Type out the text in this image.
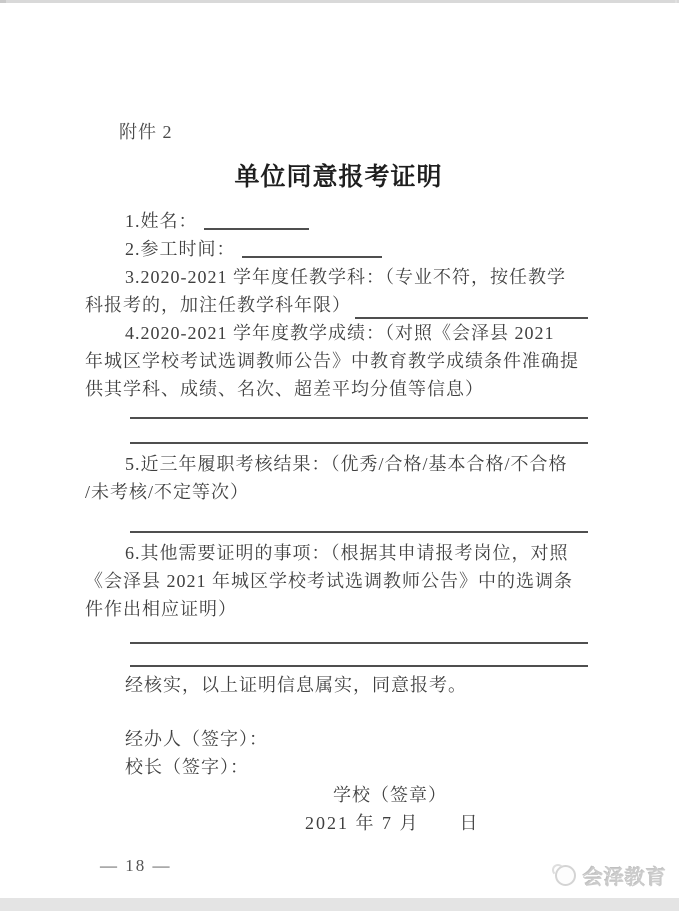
附件 2
单位同意报考证明
1.姓名：
2.参工时间：
3.2020-2021 学年度任教学科：（专业不符，按任教学
科报考的，加注任教学科年限）
4.2020-2021 学年度教学成绩：（对照《会泽县 2021
年城区学校考试选调教师公告》中教育教学成绩条件准确提
供其学科、成绩、名次、超差平均分值等信息）
5.近三年履职考核结果：（优秀/合格/基本合格/不合格
/未考核/不定等次）
6.其他需要证明的事项：（根据其申请报考岗位，对照
《会泽县 2021 年城区学校考试选调教师公告》中的选调条
件作出相应证明）
经核实，以上证明信息属实，同意报考。
经办人（签字）：
校长（签字）：
学校（签章）
2021 年 7 月　　日
— 18 —
会泽教育
